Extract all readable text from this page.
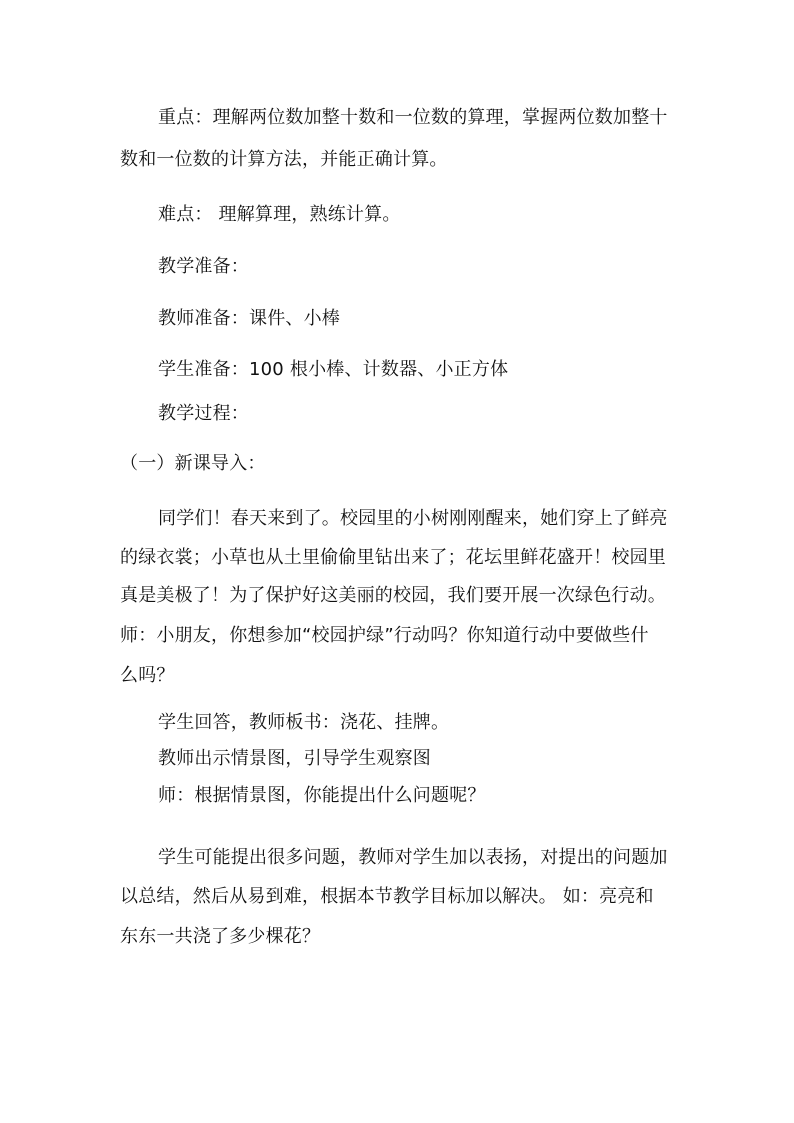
重点：理解两位数加整十数和一位数的算理，掌握两位数加整十
数和一位数的计算方法，并能正确计算。
难点： 理解算理，熟练计算。
教学准备：
教师准备：课件、小棒
学生准备：100 根小棒、计数器、小正方体
教学过程：
（一）新课导入：
同学们！春天来到了。校园里的小树刚刚醒来，她们穿上了鲜亮
的绿衣裳；小草也从土里偷偷里钻出来了；花坛里鲜花盛开！校园里
真是美极了！为了保护好这美丽的校园，我们要开展一次绿色行动。
师：小朋友，你想参加“校园护绿”行动吗？你知道行动中要做些什
么吗？
学生回答，教师板书：浇花、挂牌。
教师出示情景图，引导学生观察图
师：根据情景图，你能提出什么问题呢？
学生可能提出很多问题，教师对学生加以表扬，对提出的问题加
以总结，然后从易到难，根据本节教学目标加以解决。 如：亮亮和
东东一共浇了多少棵花？
